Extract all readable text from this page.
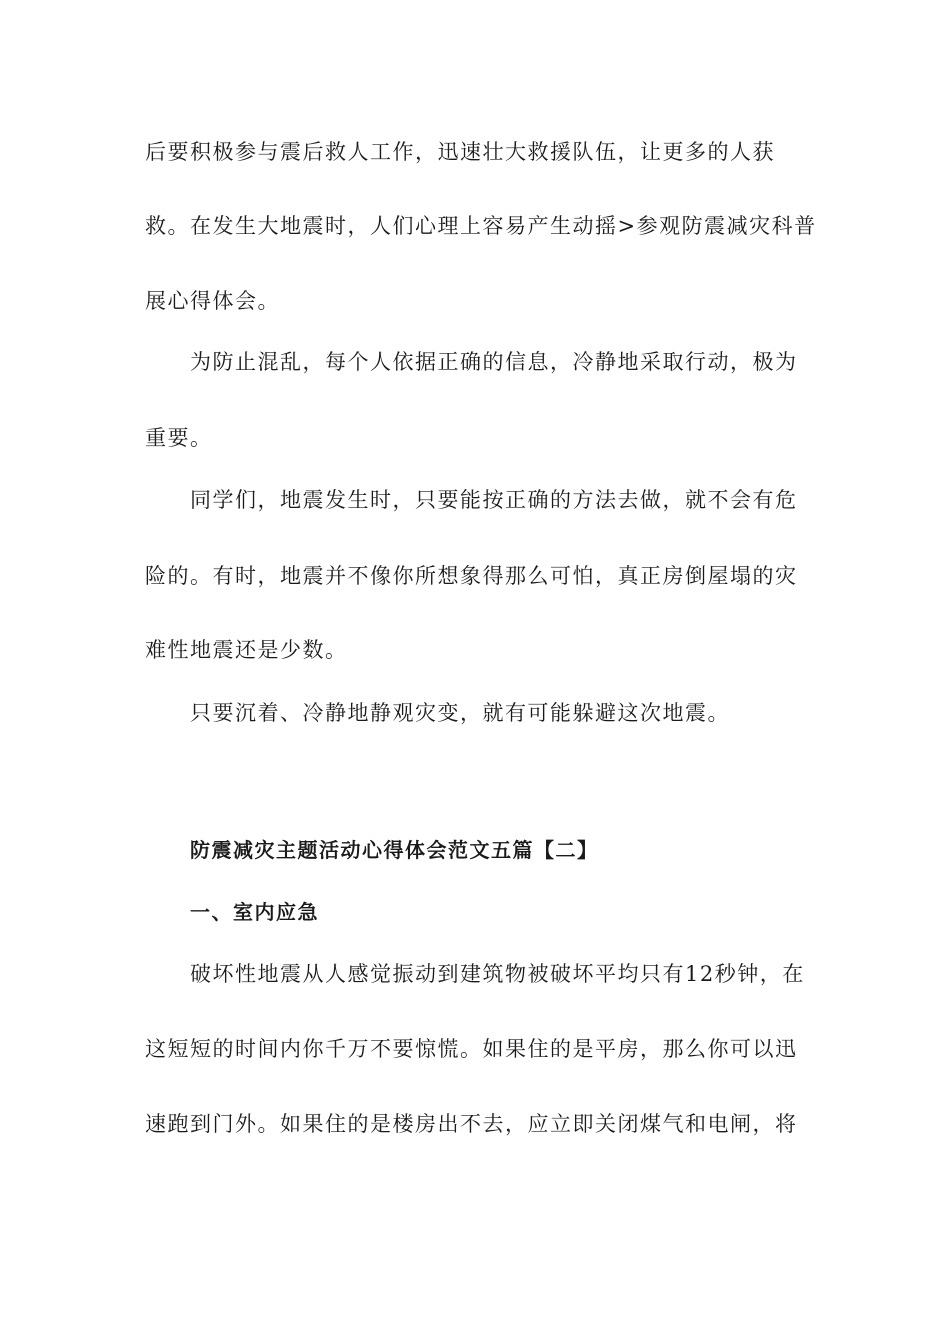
后要积极参与震后救人工作，迅速壮大救援队伍，让更多的人获
救。在发生大地震时，人们心理上容易产生动摇>参观防震减灾科普
展心得体会。
为防止混乱，每个人依据正确的信息，冷静地采取行动，极为
重要。
同学们，地震发生时，只要能按正确的方法去做，就不会有危
险的。有时，地震并不像你所想象得那么可怕，真正房倒屋塌的灾
难性地震还是少数。
只要沉着、冷静地静观灾变，就有可能躲避这次地震。
防震减灾主题活动心得体会范文五篇【二】
一、室内应急
破坏性地震从人感觉振动到建筑物被破坏平均只有12秒钟，在
这短短的时间内你千万不要惊慌。如果住的是平房，那么你可以迅
速跑到门外。如果住的是楼房出不去，应立即关闭煤气和电闸，将
